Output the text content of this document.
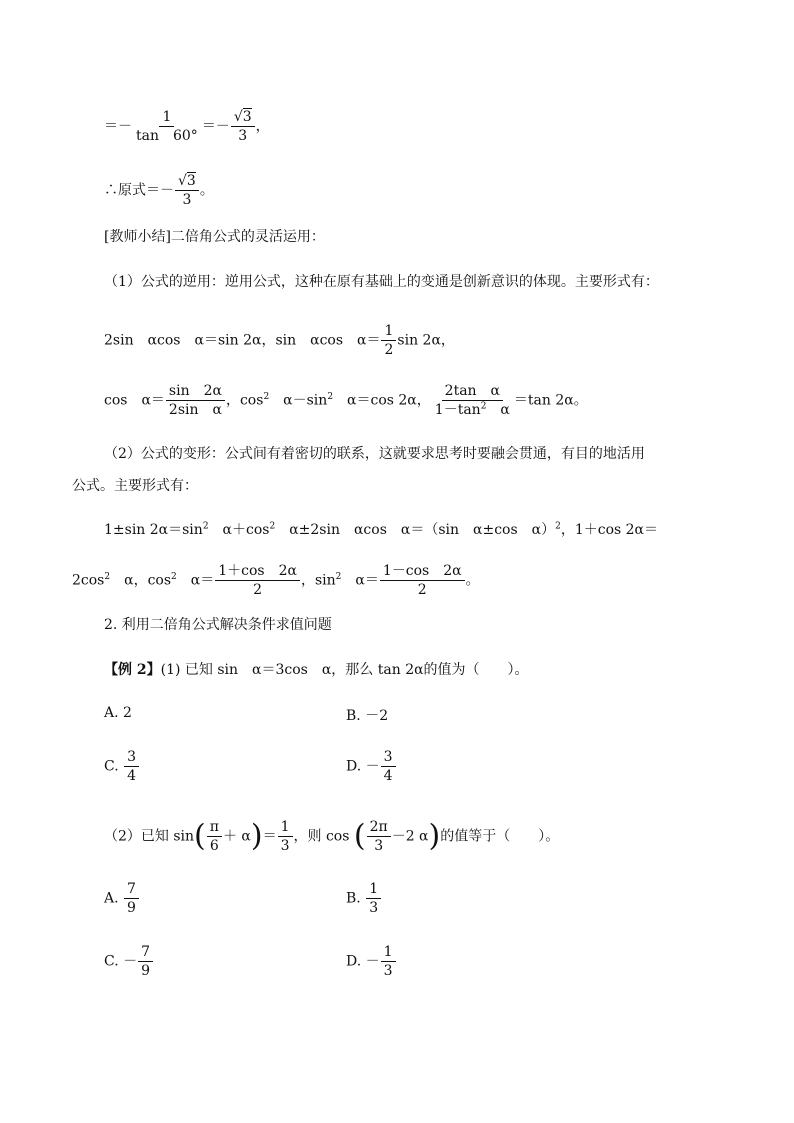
＝－ $\frac{1}{\tan 60^\circ} =- \frac{√3}{3}$ ，
∴原式＝－ $\frac{√3}{3}$ 。
[教师小结]二倍角公式的灵活运用：
（1）公式的逆用：逆用公式，这种在原有基础上的变通是创新意识的体现。主要形式有：
2sin　αcos　α＝sin 2α，sin　αcos　$\alpha= \frac{1}{2}$ sin 2α，
cos　$\alpha= \frac{\sin 2\alpha}{\text{2sin　α}}$ ，$\cos^2$　$\alpha-\sin^2$　α＝cos 2α， $\frac{\text{2tan　α}}{1-\tan^2 \alpha} =\tan$ 2α。
（2）公式的变形：公式间有着密切的联系，这就要求思考时要融会贯通，有目的地活用
公式。主要形式有：
1±sin $2\alpha=\sin^2$　$\alpha+\cos^2$　α±2sin　αcos　α＝（sin　α±cos　α）$^2$，1＋cos 2α＝
$2\cos^2$　α，$\cos^2$　$\alpha= \frac{1+\cos 2\alpha}{2}$ ，$\sin^2$　$\alpha= \frac{1-\cos 2\alpha}{2}$ 。
2. 利用二倍角公式解决条件求值问题
【例 2】(1) 已知 sin　α＝3cos　α，那么 tan 2α的值为（　　）。
A. 2	B. －2
C. $\frac{3}{4}$	D. － $\frac{3}{4}$
（2）已知 $\sin( \frac{\pi}{6} + \alpha)= \frac{1}{3}$ ，则 cos ( $\frac{2\pi}{3} -2$ α)的值等于（　　）。
A. $\frac{7}{9}$	B. $\frac{1}{3}$
C. － $\frac{7}{9}$	D. － $\frac{1}{3}$
